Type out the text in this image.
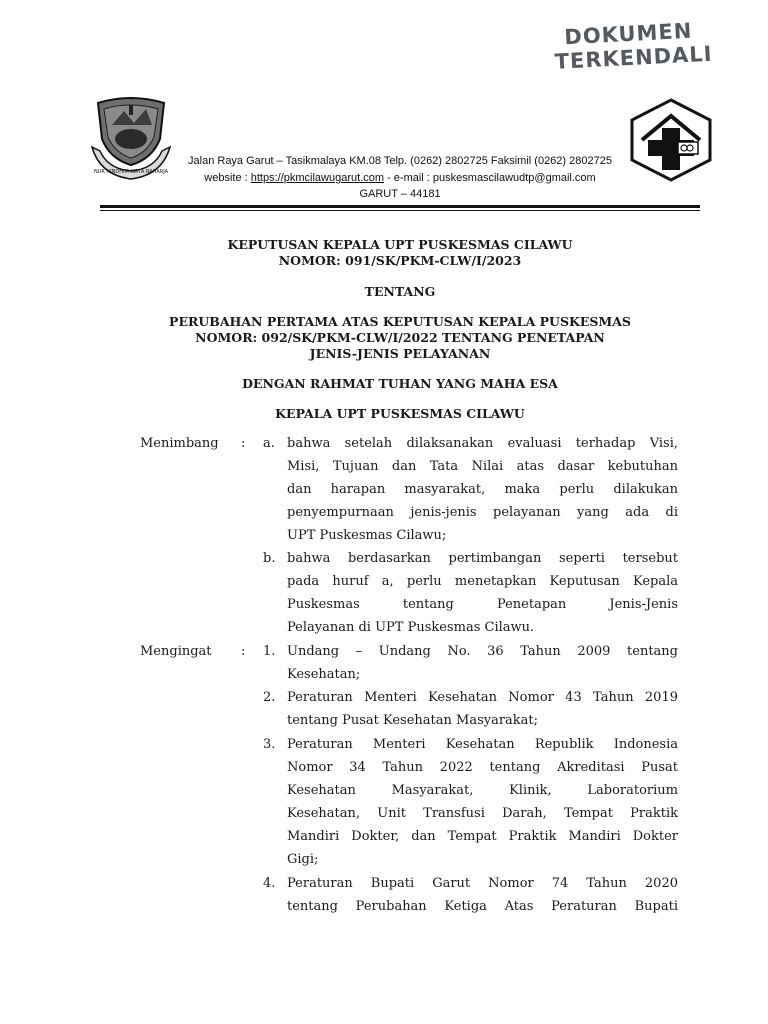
DOKUMEN
TERKENDALI
NUR HINDHIM KIRTA RAHARJA
Jalan Raya Garut – Tasikmalaya KM.08 Telp. (0262) 2802725 Faksimil (0262) 2802725
website : https://pkmcilawugarut.com - e-mail : puskesmascilawudtp@gmail.com
GARUT – 44181
KEPUTUSAN KEPALA UPT PUSKESMAS CILAWU
NOMOR: 091/SK/PKM-CLW/I/2023
TENTANG
PERUBAHAN PERTAMA ATAS KEPUTUSAN KEPALA PUSKESMAS
NOMOR: 092/SK/PKM-CLW/I/2022 TENTANG PENETAPAN
JENIS-JENIS PELAYANAN
DENGAN RAHMAT TUHAN YANG MAHA ESA
KEPALA UPT PUSKESMAS CILAWU
Menimbang : a. bahwa setelah dilaksanakan evaluasi terhadap Visi,
Misi, Tujuan dan Tata Nilai atas dasar kebutuhan
dan harapan masyarakat, maka perlu dilakukan
penyempurnaan jenis-jenis pelayanan yang ada di
UPT Puskesmas Cilawu;
b. bahwa berdasarkan pertimbangan seperti tersebut
pada huruf a, perlu menetapkan Keputusan Kepala
Puskesmas tentang Penetapan Jenis-Jenis
Pelayanan di UPT Puskesmas Cilawu.
Mengingat : 1. Undang – Undang No. 36 Tahun 2009 tentang
Kesehatan;
2. Peraturan Menteri Kesehatan Nomor 43 Tahun 2019
tentang Pusat Kesehatan Masyarakat;
3. Peraturan Menteri Kesehatan Republik Indonesia
Nomor 34 Tahun 2022 tentang Akreditasi Pusat
Kesehatan Masyarakat, Klinik, Laboratorium
Kesehatan, Unit Transfusi Darah, Tempat Praktik
Mandiri Dokter, dan Tempat Praktik Mandiri Dokter
Gigi;
4. Peraturan Bupati Garut Nomor 74 Tahun 2020
tentang Perubahan Ketiga Atas Peraturan Bupati
